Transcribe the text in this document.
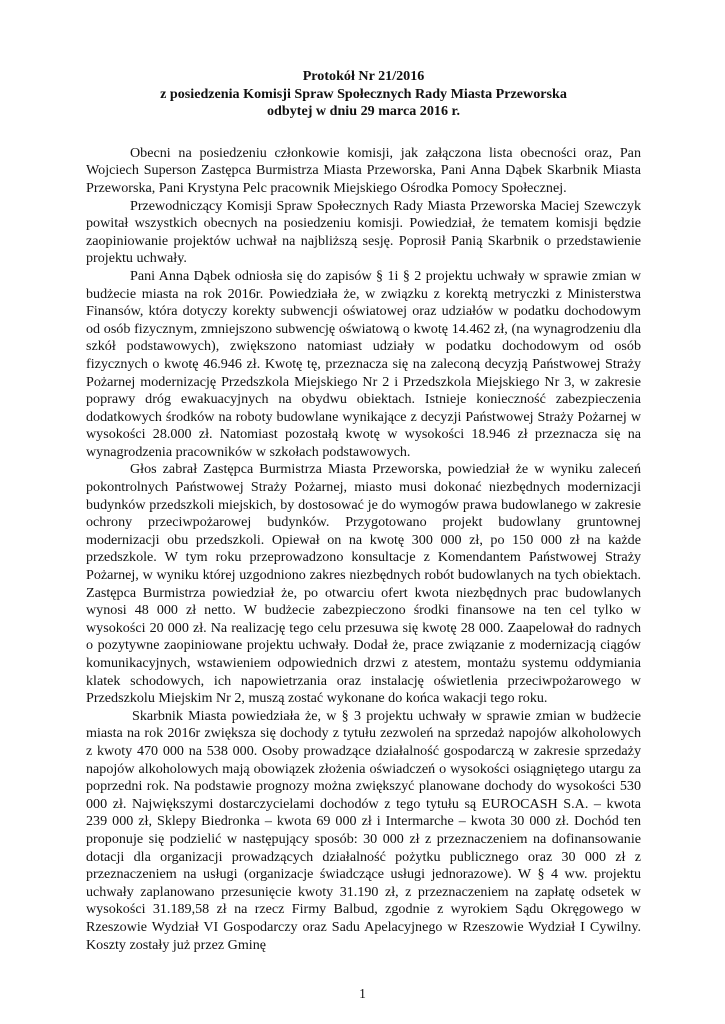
Protokół Nr 21/2016
z posiedzenia Komisji Spraw Społecznych Rady Miasta Przeworska
odbytej w dniu 29 marca 2016 r.

Obecni na posiedzeniu członkowie komisji, jak załączona lista obecności oraz, Pan Wojciech Superson Zastępca Burmistrza Miasta Przeworska, Pani Anna Dąbek Skarbnik Miasta Przeworska, Pani Krystyna Pelc pracownik Miejskiego Ośrodka Pomocy Społecznej.

Przewodniczący Komisji Spraw Społecznych Rady Miasta Przeworska Maciej Szewczyk powitał wszystkich obecnych na posiedzeniu komisji. Powiedział, że tematem komisji będzie zaopiniowanie projektów uchwał na najbliższą sesję. Poprosił Panią Skarbnik o przedstawienie projektu uchwały.

Pani Anna Dąbek odniosła się do zapisów § 1i § 2 projektu uchwały w sprawie zmian w budżecie miasta na rok 2016r. Powiedziała że, w związku z korektą metryczki z Ministerstwa Finansów, która dotyczy korekty subwencji oświatowej oraz udziałów w podatku dochodowym od osób fizycznym, zmniejszono subwencję oświatową o kwotę 14.462 zł, (na wynagrodzeniu dla szkół podstawowych), zwiększono natomiast udziały w podatku dochodowym od osób fizycznych o kwotę 46.946 zł. Kwotę tę, przeznacza się na zaleconą decyzją Państwowej Straży Pożarnej modernizację Przedszkola Miejskiego Nr 2 i Przedszkola Miejskiego Nr 3, w zakresie poprawy dróg ewakuacyjnych na obydwu obiektach. Istnieje konieczność zabezpieczenia dodatkowych środków na roboty budowlane wynikające z decyzji Państwowej Straży Pożarnej w wysokości 28.000 zł. Natomiast pozostałą kwotę w wysokości 18.946 zł przeznacza się na wynagrodzenia pracowników w szkołach podstawowych.

Głos zabrał Zastępca Burmistrza Miasta Przeworska, powiedział że w wyniku zaleceń pokontrolnych Państwowej Straży Pożarnej, miasto musi dokonać niezbędnych modernizacji budynków przedszkoli miejskich, by dostosować je do wymogów prawa budowlanego w zakresie ochrony przeciwpożarowej budynków. Przygotowano projekt budowlany gruntownej modernizacji obu przedszkoli. Opiewał on na kwotę 300 000 zł, po 150 000 zł na każde przedszkole. W tym roku przeprowadzono konsultacje z Komendantem Państwowej Straży Pożarnej, w wyniku której uzgodniono zakres niezbędnych robót budowlanych na tych obiektach. Zastępca Burmistrza powiedział że, po otwarciu ofert kwota niezbędnych prac budowlanych wynosi 48 000 zł netto. W budżecie zabezpieczono środki finansowe na ten cel tylko w wysokości 20 000 zł. Na realizację tego celu przesuwa się kwotę 28 000. Zaapelował do radnych o pozytywne zaopiniowane projektu uchwały. Dodał że, prace związanie z modernizacją ciągów komunikacyjnych, wstawieniem odpowiednich drzwi z atestem, montażu systemu oddymiania klatek schodowych, ich napowietrzania oraz instalację oświetlenia przeciwpożarowego w Przedszkolu Miejskim Nr 2, muszą zostać wykonane do końca wakacji tego roku.

Skarbnik Miasta powiedziała że, w § 3 projektu uchwały w sprawie zmian w budżecie miasta na rok 2016r zwiększa się dochody z tytułu zezwoleń na sprzedaż napojów alkoholowych z kwoty 470 000 na 538 000. Osoby prowadzące działalność gospodarczą w zakresie sprzedaży napojów alkoholowych mają obowiązek złożenia oświadczeń o wysokości osiągniętego utargu za poprzedni rok. Na podstawie prognozy można zwiększyć planowane dochody do wysokości 530 000 zł. Największymi dostarczycielami dochodów z tego tytułu są EUROCASH S.A. – kwota 239 000 zł, Sklepy Biedronka – kwota 69 000 zł i Intermarche – kwota 30 000 zł. Dochód ten proponuje się podzielić w następujący sposób: 30 000 zł z przeznaczeniem na dofinansowanie dotacji dla organizacji prowadzących działalność pożytku publicznego oraz 30 000 zł z przeznaczeniem na usługi (organizacje świadczące usługi jednorazowe). W § 4 ww. projektu uchwały zaplanowano przesunięcie kwoty 31.190 zł, z przeznaczeniem na zapłatę odsetek w wysokości 31.189,58 zł na rzecz Firmy Balbud, zgodnie z wyrokiem Sądu Okręgowego w Rzeszowie Wydział VI Gospodarczy oraz Sadu Apelacyjnego w Rzeszowie Wydział I Cywilny. Koszty zostały już przez Gminę

1
